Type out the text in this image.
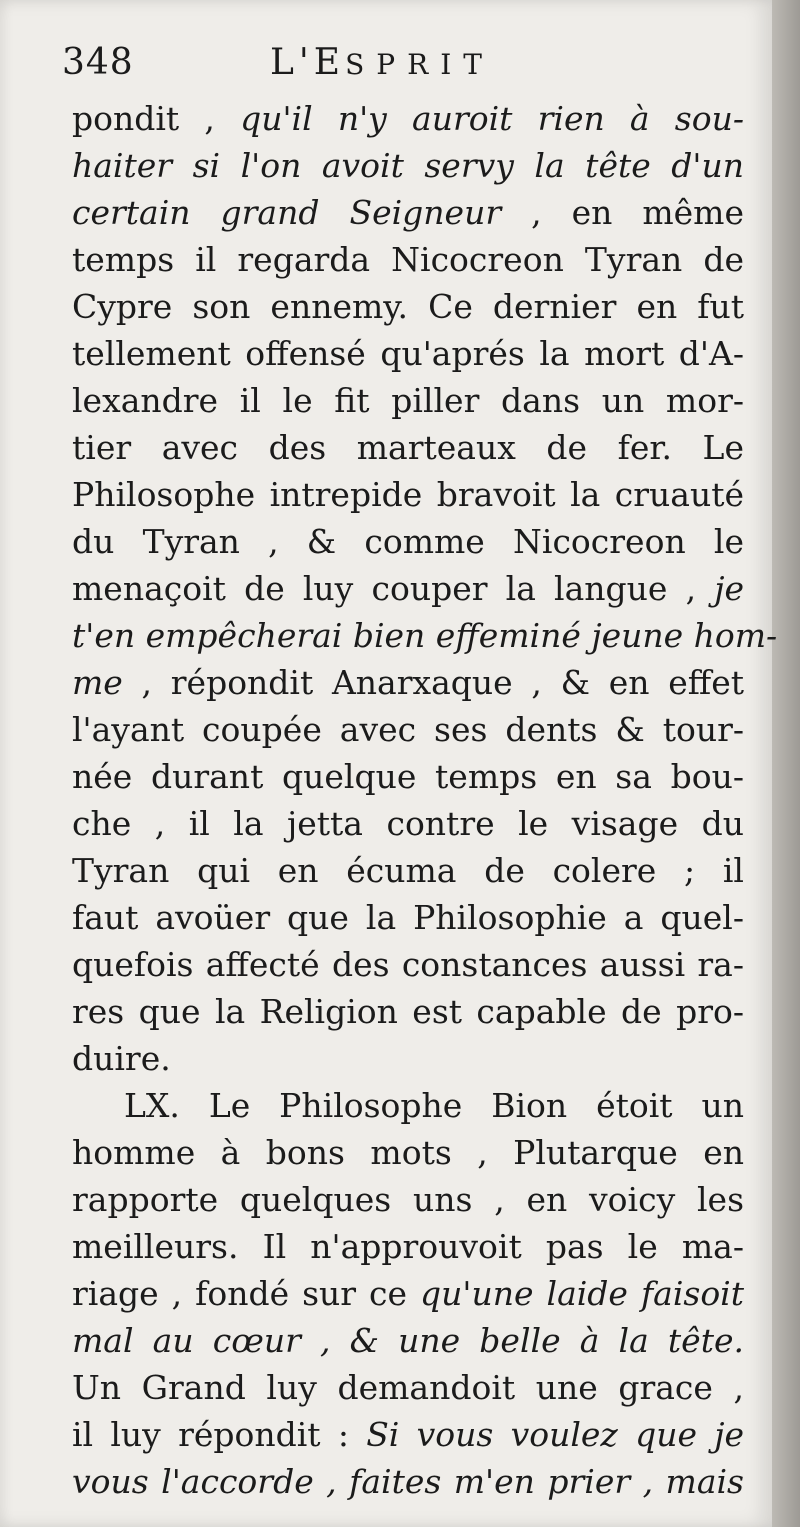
348	L'ESPRIT
pondit , qu'il n'y auroit rien à sou-
haiter si l'on avoit servy la tête d'un
certain grand Seigneur , en même
temps il regarda Nicocreon Tyran de
Cypre son ennemy. Ce dernier en fut
tellement offensé qu'aprés la mort d'A-
lexandre il le fit piller dans un mor-
tier avec des marteaux de fer. Le
Philosophe intrepide bravoit la cruauté
du Tyran , & comme Nicocreon le
menaçoit de luy couper la langue , je
t'en empêcherai bien effeminé jeune hom-
me , répondit Anarxaque , & en effet
l'ayant coupée avec ses dents & tour-
née durant quelque temps en sa bou-
che , il la jetta contre le visage du
Tyran qui en écuma de colere ; il
faut avoüer que la Philosophie a quel-
quefois affecté des constances aussi ra-
res que la Religion est capable de pro-
duire.
LX. Le Philosophe Bion étoit un
homme à bons mots , Plutarque en
rapporte quelques uns , en voicy les
meilleurs. Il n'approuvoit pas le ma-
riage , fondé sur ce qu'une laide faisoit
mal au cœur , & une belle à la tête.
Un Grand luy demandoit une grace ,
il luy répondit : Si vous voulez que je
vous l'accorde , faites m'en prier , mais
